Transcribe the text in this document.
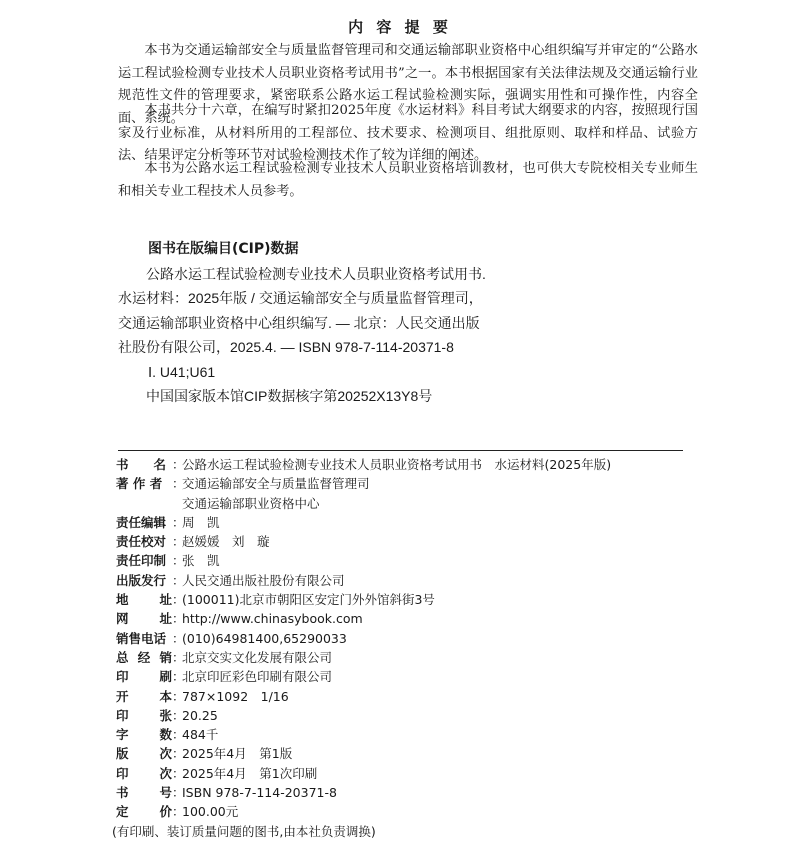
内 容 提 要

本书为交通运输部安全与质量监督管理司和交通运输部职业资格中心组织编写并审定的“公路水运工程试验检测专业技术人员职业资格考试用书”之一。本书根据国家有关法律法规及交通运输行业规范性文件的管理要求，紧密联系公路水运工程试验检测实际，强调实用性和可操作性，内容全面、系统。

本书共分十六章，在编写时紧扣2025年度《水运材料》科目考试大纲要求的内容，按照现行国家及行业标准，从材料所用的工程部位、技术要求、检测项目、组批原则、取样和样品、试验方法、结果评定分析等环节对试验检测技术作了较为详细的阐述。

本书为公路水运工程试验检测专业技术人员职业资格培训教材，也可供大专院校相关专业师生和相关专业工程技术人员参考。

图书在版编目(CIP)数据

公路水运工程试验检测专业技术人员职业资格考试用书. 水运材料：2025年版 / 交通运输部安全与质量监督管理司，交通运输部职业资格中心组织编写. — 北京：人民交通出版社股份有限公司，2025.4. — ISBN 978-7-114-20371-8

Ⅰ. U41;U61

中国国家版本馆CIP数据核字第20252X13Y8号

书　　名 ：
公路水运工程试验检测专业技术人员职业资格考试用书　水运材料(2025年版)
著 作 者 ：
交通运输部安全与质量监督管理司
交通运输部职业资格中心
责任编辑 ：
周　凯
责任校对 ：
赵媛媛　刘　璇
责任印制 ：
张　凯
出版发行 ：
人民交通出版社股份有限公司
地 址 ：
(100011)北京市朝阳区安定门外外馆斜街3号
网 址 ：
http://www.chinasybook.com
销售电话 ：
(010)64981400,65290033
总 经 销 ：
北京交实文化发展有限公司
印 刷 ：
北京印匠彩色印刷有限公司
开 本 ：
787×1092　1/16
印 张 ：
20.25
字 数 ：
484千
版 次 ：
2025年4月　第1版
印 次 ：
2025年4月　第1次印刷
书 号 ：
ISBN 978-7-114-20371-8
定 价 ：
100.00元
(有印刷、装订质量问题的图书,由本社负责调换)
